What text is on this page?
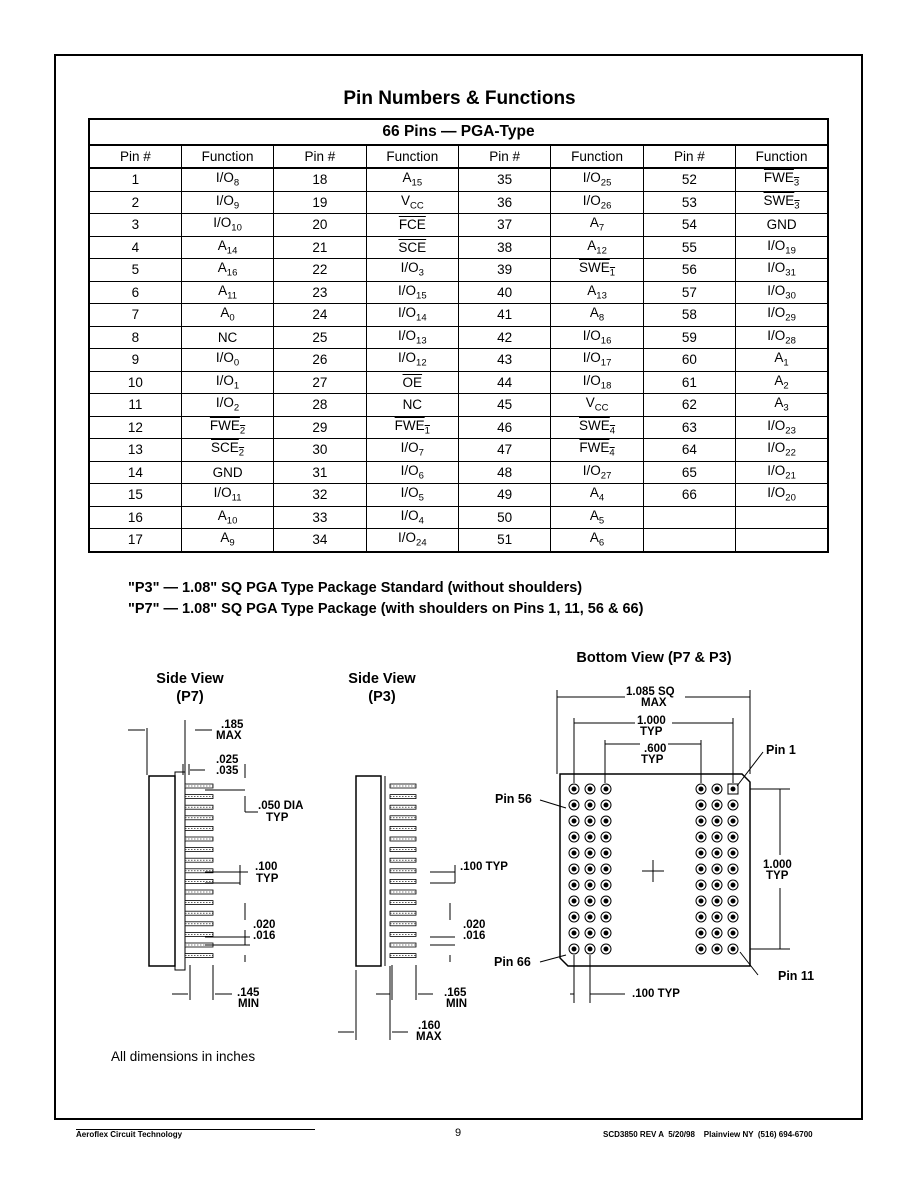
Pin Numbers & Functions
66 Pins — PGA-Type							
Pin #	Function	Pin #	Function	Pin #	Function	Pin #	Function
1	$I/O_8$	18	$A_{15}$	35	$I/O_{25}$	52	$FWE_3$
2	$I/O_9$	19	$V_{CC}$	36	$I/O_{26}$	53	$SWE_3$
3	$I/O_{10}$	20	$\overline{FCE}$	37	$A_7$	54	GND
4	$A_{14}$	21	$\overline{SCE}$	38	$A_{12}$	55	$I/O_{19}$
5	$A_{16}$	22	$I/O_3$	39	$SWE_1$	56	$I/O_{31}$
6	$A_{11}$	23	$I/O_{15}$	40	$A_{13}$	57	$I/O_{30}$
7	$A_0$	24	$I/O_{14}$	41	$A_8$	58	$I/O_{29}$
8	NC	25	$I/O_{13}$	42	$I/O_{16}$	59	$I/O_{28}$
9	$I/O_0$	26	$I/O_{12}$	43	$I/O_{17}$	60	$A_1$
10	$I/O_1$	27	$\overline{OE}$	44	$I/O_{18}$	61	$A_2$
11	$I/O_2$	28	NC	45	$V_{CC}$	62	$A_3$
12	$FWE_2$	29	$FWE_1$	46	$SWE_4$	63	$I/O_{23}$
13	$SCE_2$	30	$I/O_7$	47	$FWE_4$	64	$I/O_{22}$
14	GND	31	$I/O_6$	48	$I/O_{27}$	65	$I/O_{21}$
15	$I/O_{11}$	32	$I/O_5$	49	$A_4$	66	$I/O_{20}$
16	$A_{10}$	33	$I/O_4$	50	$A_5$		
17	$A_9$	34	$I/O_{24}$	51	$A_6$		
"P3" — 1.08" SQ PGA Type Package Standard (without shoulders)
"P7" — 1.08" SQ PGA Type Package (with shoulders on Pins 1, 11, 56 & 66)
Side View
(P7)
Side View
(P3)
Bottom View (P7 & P3)
.185
MAX
.025
.035
.050 DIA
TYP
.100
TYP
.020
.016
.145
MIN
.100 TYP
.020
.016
.165
MIN
.160
MAX
1.085 SQ
MAX
1.000
TYP
.600
TYP
Pin 1
Pin 56
Pin 66
Pin 11
1.000
TYP
.100 TYP
All dimensions in inches
Aeroflex Circuit Technology	9	SCD3850 REV A  5/20/98    Plainview NY  (516) 694-6700
